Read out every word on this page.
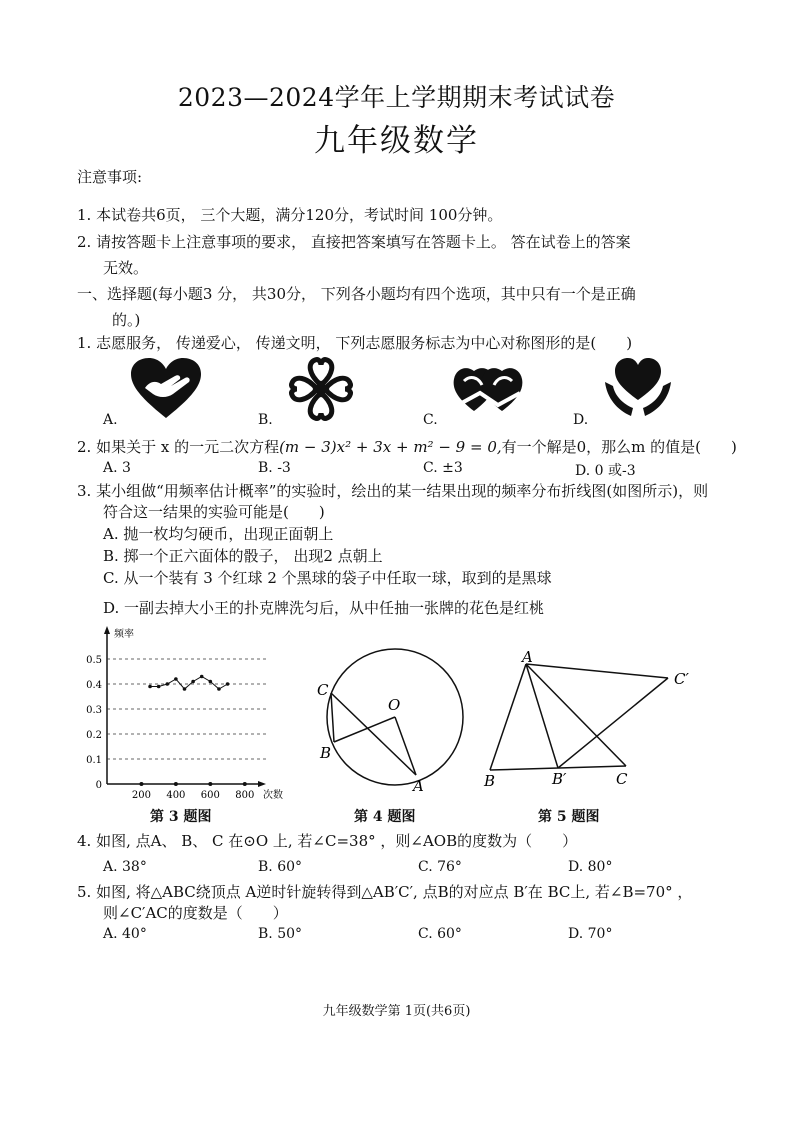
2023—2024学年上学期期末考试试卷
九年级数学
注意事项:
1. 本试卷共6页， 三个大题，满分120分，考试时间 100分钟。
2. 请按答题卡上注意事项的要求， 直接把答案填写在答题卡上。 答在试卷上的答案
无效。
一、选择题(每小题3 分， 共30分， 下列各小题均有四个选项，其中只有一个是正确
的。)
1. 志愿服务， 传递爱心， 传递文明， 下列志愿服务标志为中心对称图形的是(　　)
A.	B.	C.	D.
2. 如果关于 x 的一元二次方程(m − 3)x² + 3x + m² − 9 = 0,有一个解是0，那么m 的值是(　　)
A. 3	B. -3	C. ±3	D. 0 或-3
3. 某小组做“用频率估计概率”的实验时，绘出的某一结果出现的频率分布折线图(如图所示)，则
符合这一结果的实验可能是(　　)
A. 抛一枚均匀硬币，出现正面朝上
B. 掷一个正六面体的骰子， 出现2 点朝上
C. 从一个装有 3 个红球 2 个黑球的袋子中任取一球，取到的是黑球
D. 一副去掉大小王的扑克牌洗匀后，从中任抽一张牌的花色是红桃
频率
次数
0
0.1
0.2
0.3
0.4
0.5
200 400 600 800
第 3 题图
C
O
B
A
第 4 题图
A
C′
B	B′	C
第 5 题图
4. 如图, 点A、 B、 C 在⊙O 上, 若∠C=38° ，则∠AOB的度数为（　　）
A. 38°	B. 60°	C. 76°	D. 80°
5. 如图, 将△ABC绕顶点 A逆时针旋转得到△AB′C′, 点B的对应点 B′在 BC上, 若∠B=70° ，
则∠C′AC的度数是（　　）
A. 40°	B. 50°	C. 60°	D. 70°
九年级数学第 1页(共6页)
